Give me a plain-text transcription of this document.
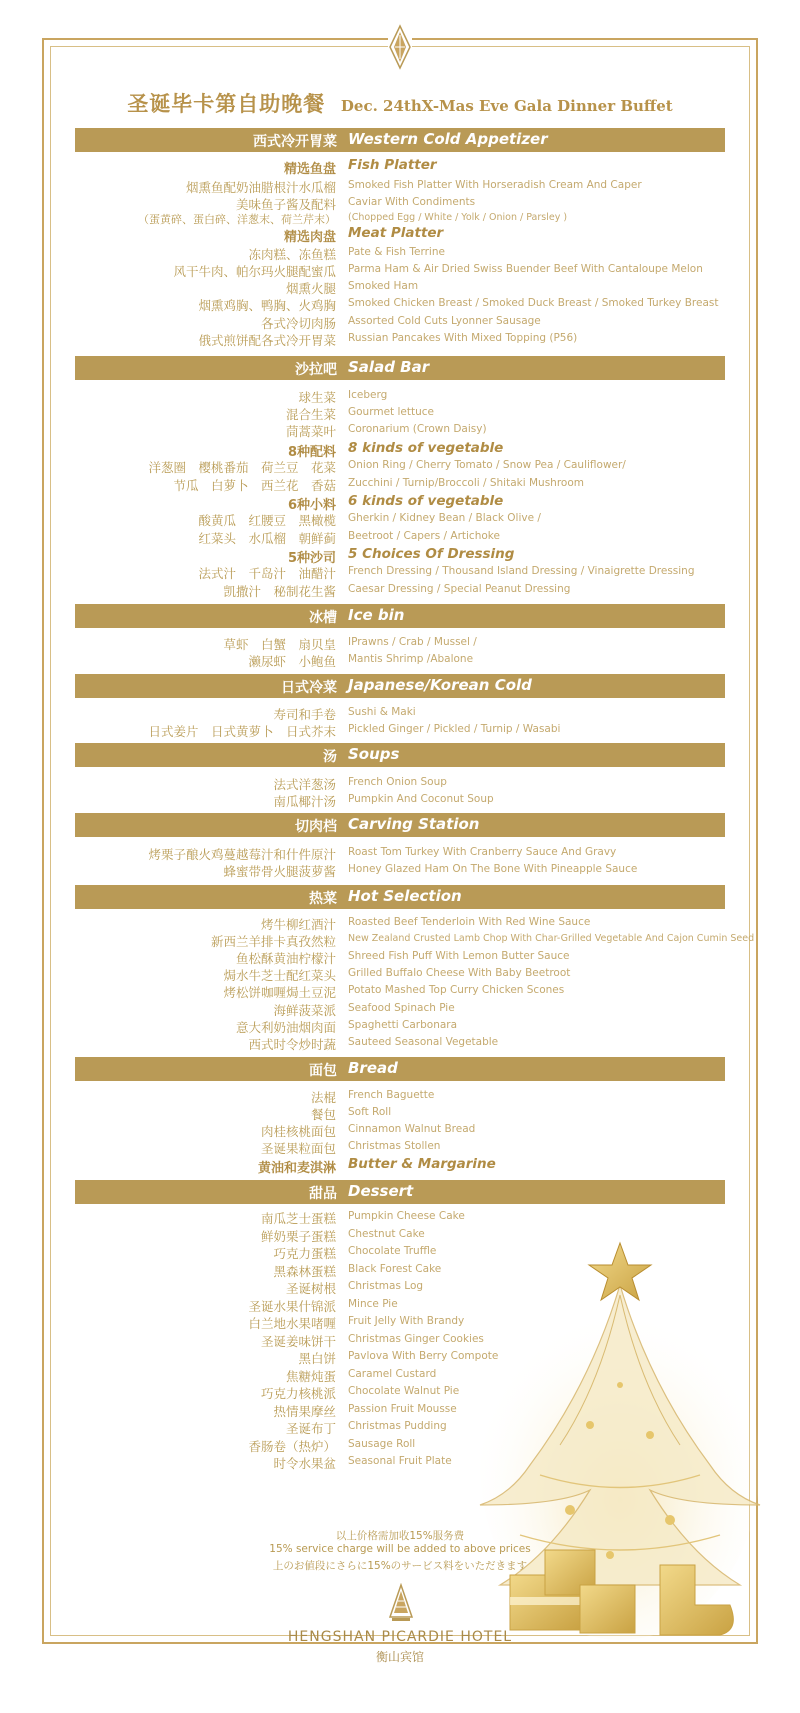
圣诞毕卡第自助晚餐 Dec. 24thX-Mas Eve Gala Dinner Buffet
西式冷开胃菜 Western Cold Appetizer
精选鱼盘 Fish Platter
烟熏鱼配奶油腊根汁水瓜榴 Smoked Fish Platter With Horseradish Cream And Caper
美味鱼子酱及配料 Caviar With Condiments
（蛋黄碎、蛋白碎、洋葱末、荷兰芹末） (Chopped Egg / White / Yolk / Onion / Parsley )
精选肉盘 Meat Platter
冻肉糕、冻鱼糕 Pate & Fish Terrine
风干牛肉、帕尔玛火腿配蜜瓜 Parma Ham & Air Dried Swiss Buender Beef With Cantaloupe Melon
烟熏火腿 Smoked Ham
烟熏鸡胸、鸭胸、火鸡胸 Smoked Chicken Breast / Smoked Duck Breast / Smoked Turkey Breast
各式冷切肉肠 Assorted Cold Cuts Lyonner Sausage
俄式煎饼配各式冷开胃菜 Russian Pancakes With Mixed Topping (P56)
沙拉吧 Salad Bar
球生菜 Iceberg
混合生菜 Gourmet lettuce
茼蒿菜叶 Coronarium (Crown Daisy)
8种配料 8 kinds of vegetable
洋葱圈　樱桃番茄　荷兰豆　花菜 Onion Ring / Cherry Tomato / Snow Pea / Cauliflower/
节瓜　白萝卜　西兰花　香菇 Zucchini / Turnip/Broccoli / Shitaki Mushroom
6种小料 6 kinds of vegetable
酸黄瓜　红腰豆　黑橄榄 Gherkin / Kidney Bean / Black Olive /
红菜头　水瓜榴　朝鲜蓟 Beetroot / Capers / Artichoke
5种沙司 5 Choices Of Dressing
法式汁　千岛汁　油醋汁 French Dressing / Thousand Island Dressing / Vinaigrette Dressing
凯撒汁　秘制花生酱 Caesar Dressing / Special Peanut Dressing
冰槽 Ice bin
草虾　白蟹　扇贝皇 IPrawns / Crab / Mussel /
濑尿虾　小鲍鱼 Mantis Shrimp /Abalone
日式冷菜 Japanese/Korean Cold
寿司和手卷 Sushi & Maki
日式姜片　日式黄萝卜　日式芥末 Pickled Ginger / Pickled / Turnip / Wasabi
汤 Soups
法式洋葱汤 French Onion Soup
南瓜椰汁汤 Pumpkin And Coconut Soup
切肉档 Carving Station
烤栗子酿火鸡蔓越莓汁和什件原汁 Roast Tom Turkey With Cranberry Sauce And Gravy
蜂蜜带骨火腿菠萝酱 Honey Glazed Ham On The Bone With Pineapple Sauce
热菜 Hot Selection
烤牛柳红酒汁 Roasted Beef Tenderloin With Red Wine Sauce
新西兰羊排卡真孜然粒 New Zealand Crusted Lamb Chop With Char-Grilled Vegetable And Cajon Cumin Seed
鱼松酥黄油柠檬汁 Shreed Fish Puff With Lemon Butter Sauce
焗水牛芝士配红菜头 Grilled Buffalo Cheese With Baby Beetroot
烤松饼咖喱焗土豆泥 Potato Mashed Top Curry Chicken Scones
海鲜菠菜派 Seafood Spinach Pie
意大利奶油烟肉面 Spaghetti Carbonara
西式时令炒时蔬 Sauteed Seasonal Vegetable
面包 Bread
法棍 French Baguette
餐包 Soft Roll
肉桂核桃面包 Cinnamon Walnut Bread
圣诞果粒面包 Christmas Stollen
黄油和麦淇淋 Butter & Margarine
甜品 Dessert
南瓜芝士蛋糕 Pumpkin Cheese Cake
鲜奶栗子蛋糕 Chestnut Cake
巧克力蛋糕 Chocolate Truffle
黑森林蛋糕 Black Forest Cake
圣诞树根 Christmas Log
圣诞水果什锦派 Mince Pie
白兰地水果啫喱 Fruit Jelly With Brandy
圣诞姜味饼干 Christmas Ginger Cookies
黑白饼 Pavlova With Berry Compote
焦糖炖蛋 Caramel Custard
巧克力核桃派 Chocolate Walnut Pie
热情果摩丝 Passion Fruit Mousse
圣诞布丁 Christmas Pudding
香肠卷（热炉） Sausage Roll
时令水果盆 Seasonal Fruit Plate
以上价格需加收15%服务费
15% service charge will be added to above prices
上のお値段にさらに15%のサービス料をいただきます
HENGSHAN PICARDIE HOTEL
衡山宾馆
